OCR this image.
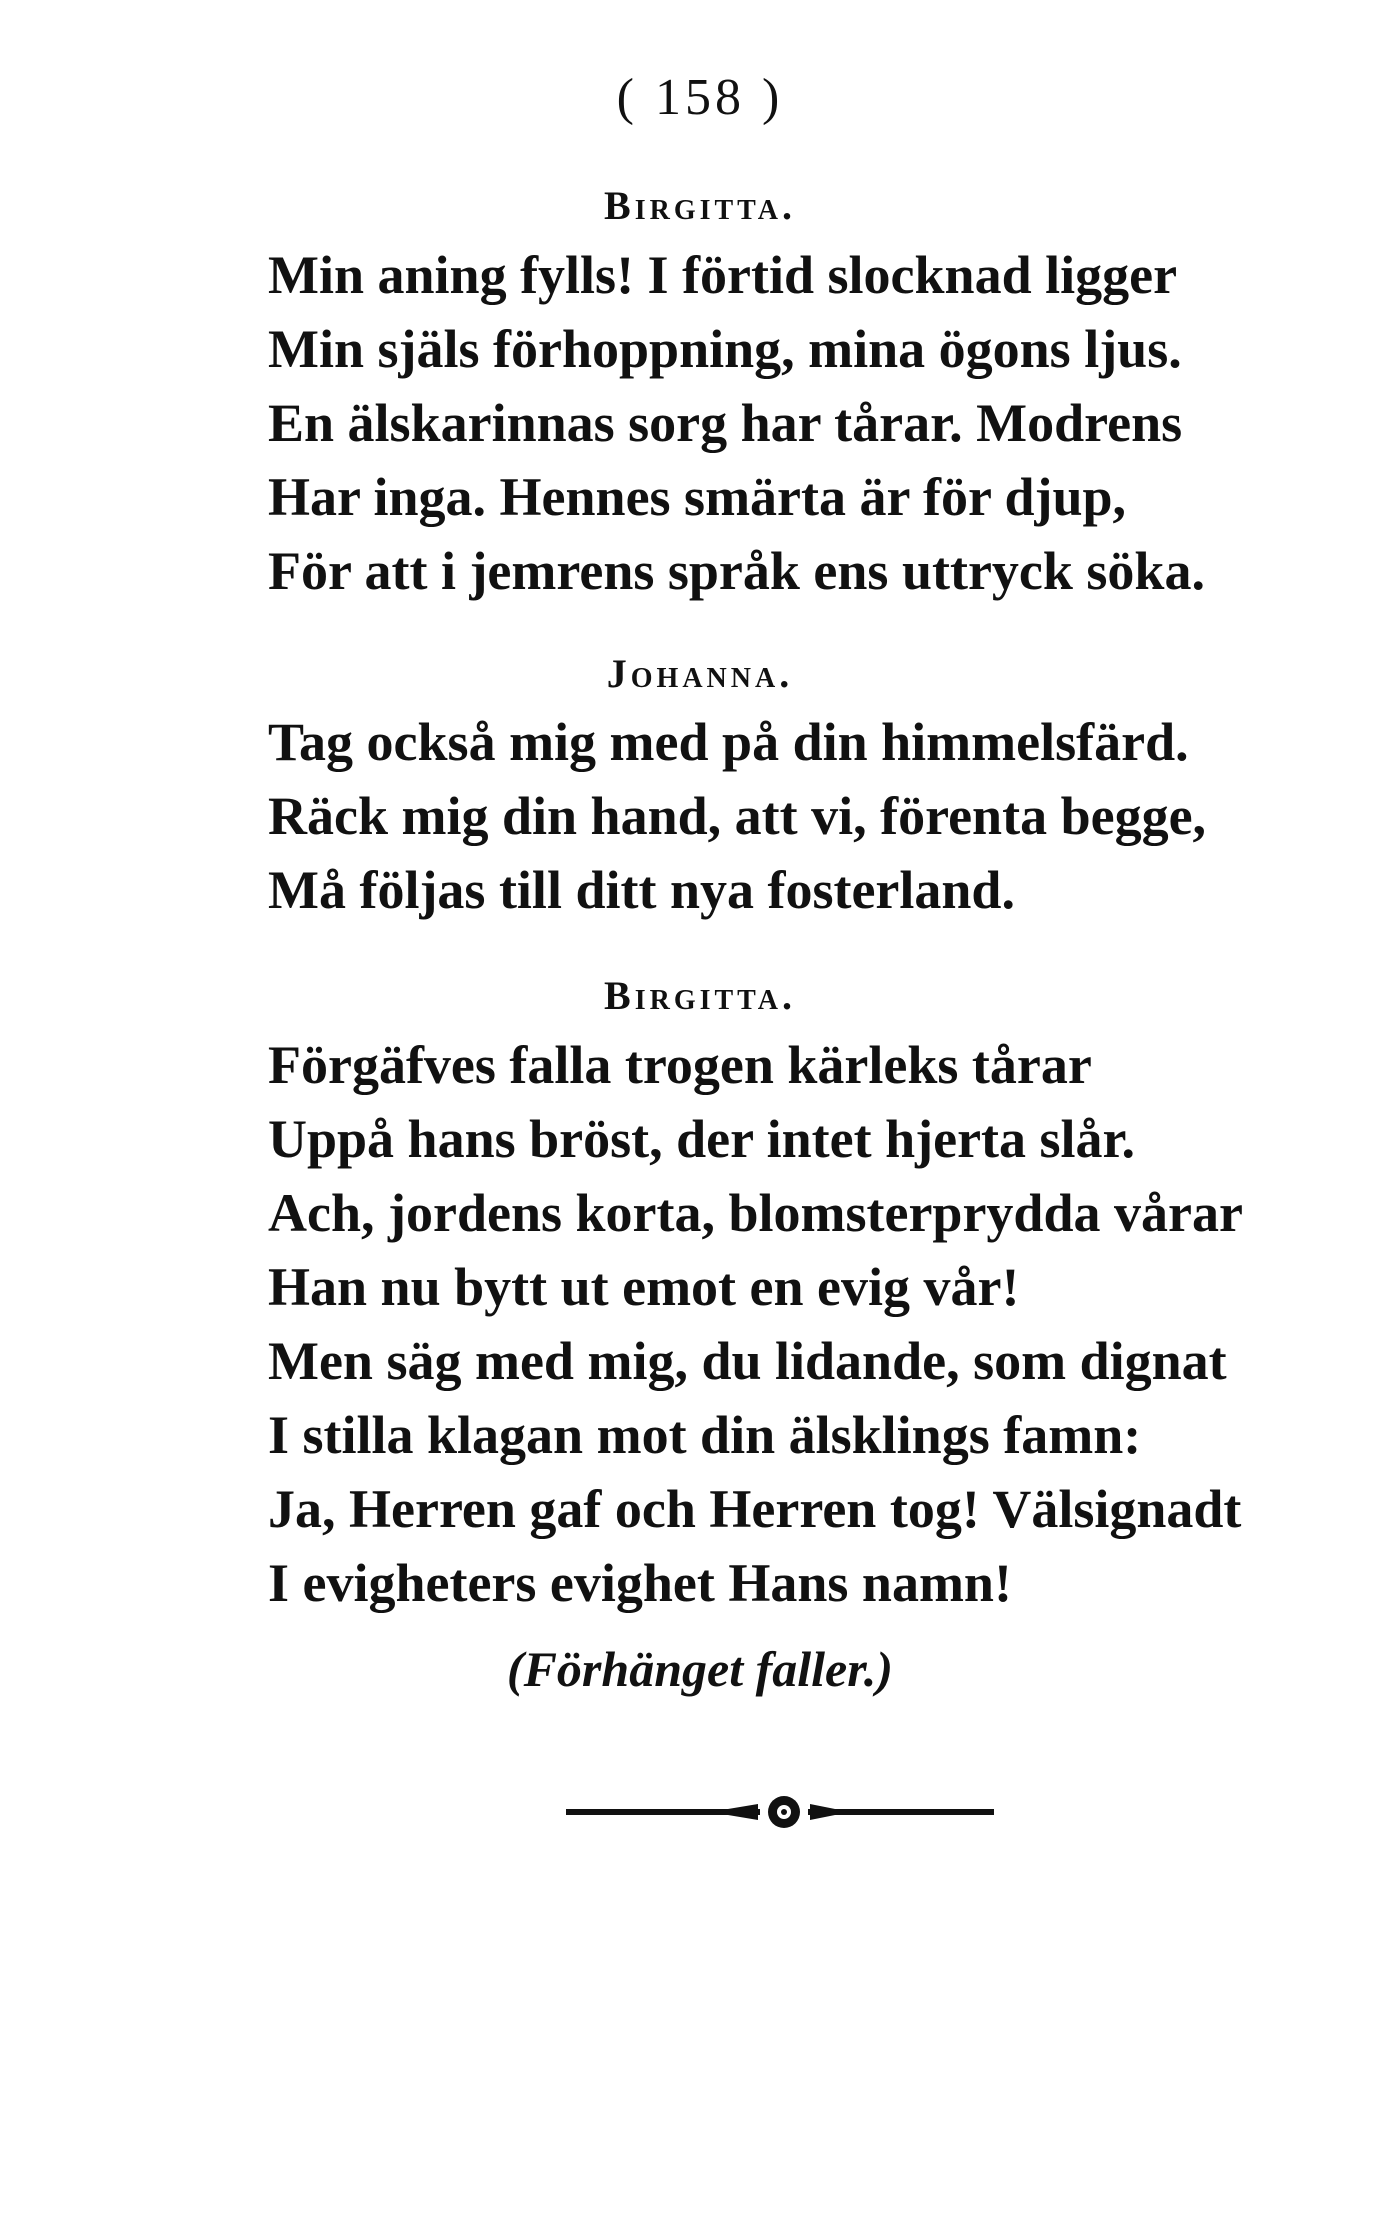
( 158 )
Birgitta.
Min aning fylls! I förtid slocknad ligger
Min själs förhoppning, mina ögons ljus.
En älskarinnas sorg har tårar. Modrens
Har inga. Hennes smärta är för djup,
För att i jemrens språk ens uttryck söka.
Johanna.
Tag också mig med på din himmelsfärd.
Räck mig din hand, att vi, förenta begge,
Må följas till ditt nya fosterland.
Birgitta.
Förgäfves falla trogen kärleks tårar
Uppå hans bröst, der intet hjerta slår.
Ach, jordens korta, blomsterprydda vårar
Han nu bytt ut emot en evig vår!
Men säg med mig, du lidande, som dignat
I stilla klagan mot din älsklings famn:
Ja, Herren gaf och Herren tog! Välsignadt
I evigheters evighet Hans namn!
(Förhänget faller.)
